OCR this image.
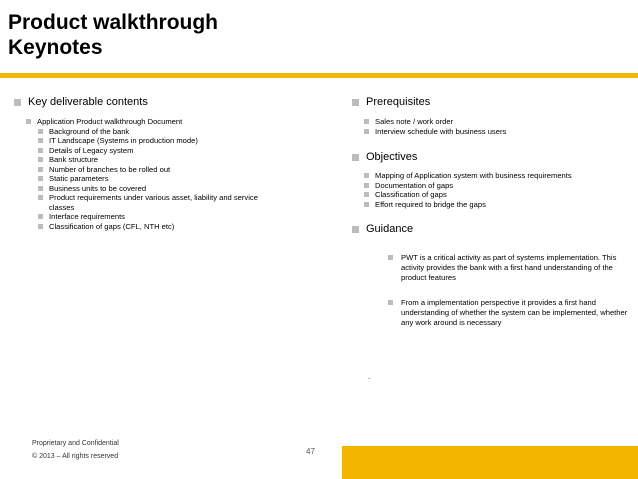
Product walkthrough
Keynotes
Key deliverable contents
Application Product walkthrough Document
Background of the bank
IT Landscape (Systems in production mode)
Details of Legacy system
Bank structure
Number of branches to be rolled out
Static parameters
Business units to be covered
Product requirements under various asset, liability and service classes
Interface requirements
Classification of gaps (CFL, NTH etc)
Prerequisites
Sales note / work order
Interview schedule with business users
Objectives
Mapping of Application system with business requirements
Documentation of gaps
Classification of gaps
Effort required to bridge the gaps
Guidance
PWT is a critical activity as part of systems implementation. This activity provides the bank with a first hand understanding of the product features
From a implementation perspective it provides a first hand understanding of whether the system can be implemented, whether any work around is necessary
.
Proprietary and Confidential
© 2013 – All rights reserved
47
